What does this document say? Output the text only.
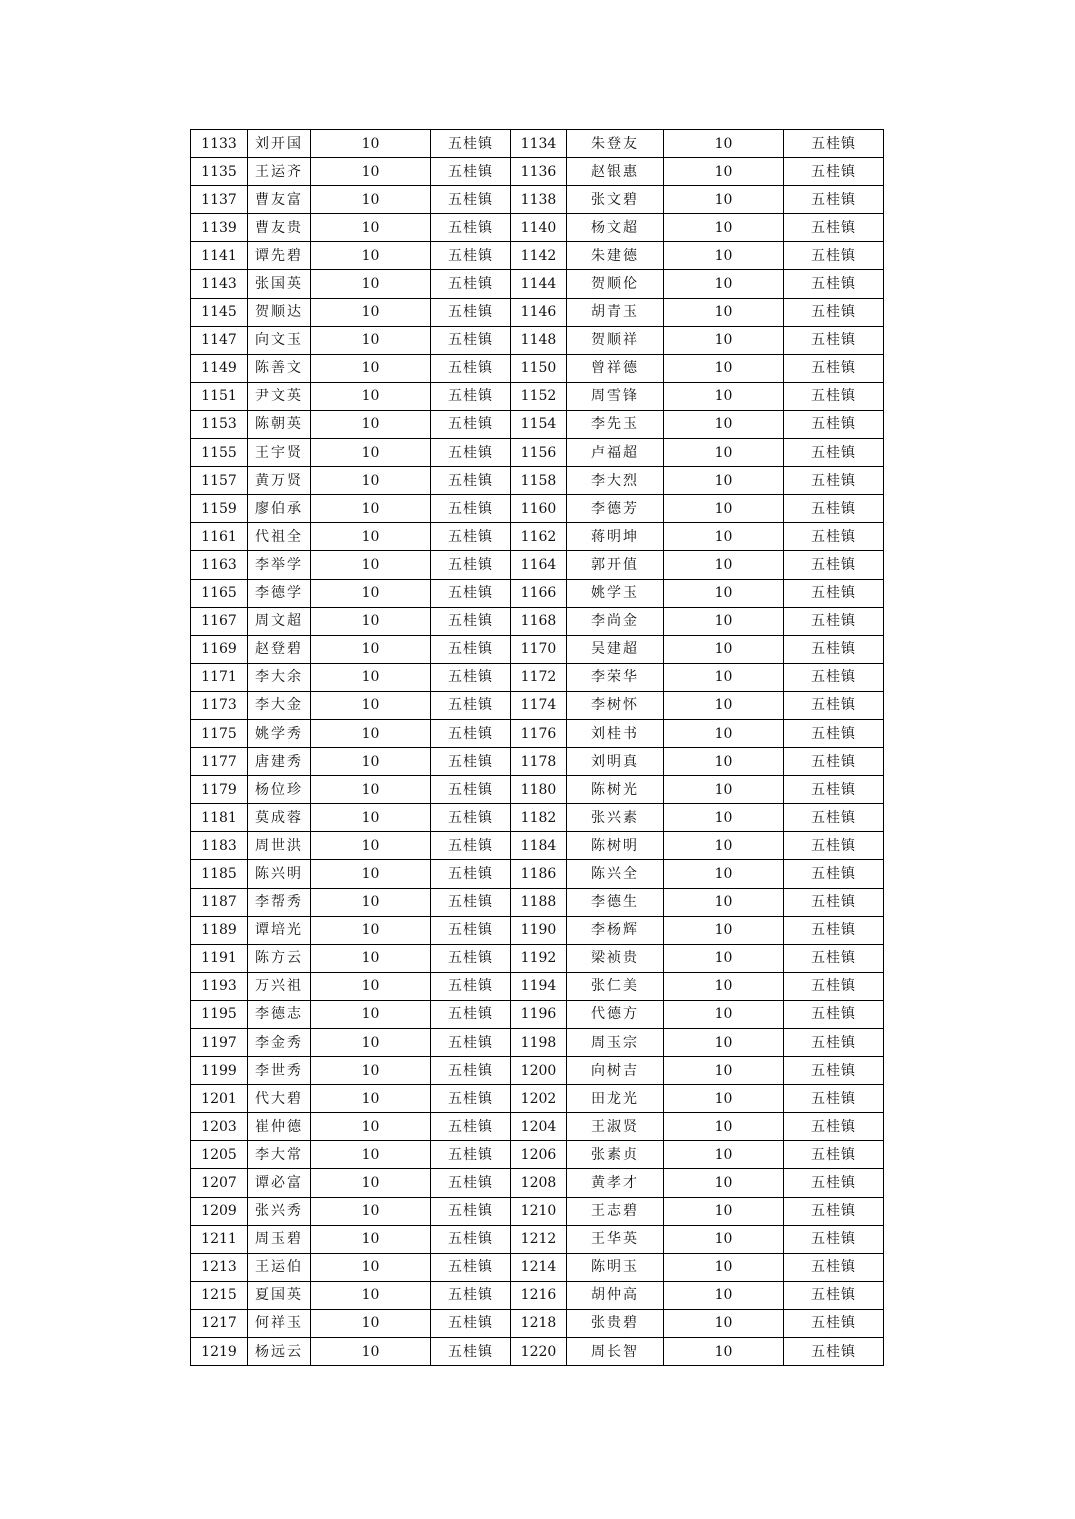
1133	刘开国	10	五桂镇	1134	朱登友	10	五桂镇
1135	王运齐	10	五桂镇	1136	赵银惠	10	五桂镇
1137	曹友富	10	五桂镇	1138	张文碧	10	五桂镇
1139	曹友贵	10	五桂镇	1140	杨文超	10	五桂镇
1141	谭先碧	10	五桂镇	1142	朱建德	10	五桂镇
1143	张国英	10	五桂镇	1144	贺顺伦	10	五桂镇
1145	贺顺达	10	五桂镇	1146	胡青玉	10	五桂镇
1147	向文玉	10	五桂镇	1148	贺顺祥	10	五桂镇
1149	陈善文	10	五桂镇	1150	曾祥德	10	五桂镇
1151	尹文英	10	五桂镇	1152	周雪锋	10	五桂镇
1153	陈朝英	10	五桂镇	1154	李先玉	10	五桂镇
1155	王宇贤	10	五桂镇	1156	卢福超	10	五桂镇
1157	黄万贤	10	五桂镇	1158	李大烈	10	五桂镇
1159	廖伯承	10	五桂镇	1160	李德芳	10	五桂镇
1161	代祖全	10	五桂镇	1162	蒋明坤	10	五桂镇
1163	李举学	10	五桂镇	1164	郭开值	10	五桂镇
1165	李德学	10	五桂镇	1166	姚学玉	10	五桂镇
1167	周文超	10	五桂镇	1168	李尚金	10	五桂镇
1169	赵登碧	10	五桂镇	1170	吴建超	10	五桂镇
1171	李大余	10	五桂镇	1172	李荣华	10	五桂镇
1173	李大金	10	五桂镇	1174	李树怀	10	五桂镇
1175	姚学秀	10	五桂镇	1176	刘桂书	10	五桂镇
1177	唐建秀	10	五桂镇	1178	刘明真	10	五桂镇
1179	杨位珍	10	五桂镇	1180	陈树光	10	五桂镇
1181	莫成蓉	10	五桂镇	1182	张兴素	10	五桂镇
1183	周世洪	10	五桂镇	1184	陈树明	10	五桂镇
1185	陈兴明	10	五桂镇	1186	陈兴全	10	五桂镇
1187	李帮秀	10	五桂镇	1188	李德生	10	五桂镇
1189	谭培光	10	五桂镇	1190	李杨辉	10	五桂镇
1191	陈方云	10	五桂镇	1192	梁祯贵	10	五桂镇
1193	万兴祖	10	五桂镇	1194	张仁美	10	五桂镇
1195	李德志	10	五桂镇	1196	代德方	10	五桂镇
1197	李金秀	10	五桂镇	1198	周玉宗	10	五桂镇
1199	李世秀	10	五桂镇	1200	向树吉	10	五桂镇
1201	代大碧	10	五桂镇	1202	田龙光	10	五桂镇
1203	崔仲德	10	五桂镇	1204	王淑贤	10	五桂镇
1205	李大常	10	五桂镇	1206	张素贞	10	五桂镇
1207	谭必富	10	五桂镇	1208	黄孝才	10	五桂镇
1209	张兴秀	10	五桂镇	1210	王志碧	10	五桂镇
1211	周玉碧	10	五桂镇	1212	王华英	10	五桂镇
1213	王运伯	10	五桂镇	1214	陈明玉	10	五桂镇
1215	夏国英	10	五桂镇	1216	胡仲高	10	五桂镇
1217	何祥玉	10	五桂镇	1218	张贵碧	10	五桂镇
1219	杨远云	10	五桂镇	1220	周长智	10	五桂镇
